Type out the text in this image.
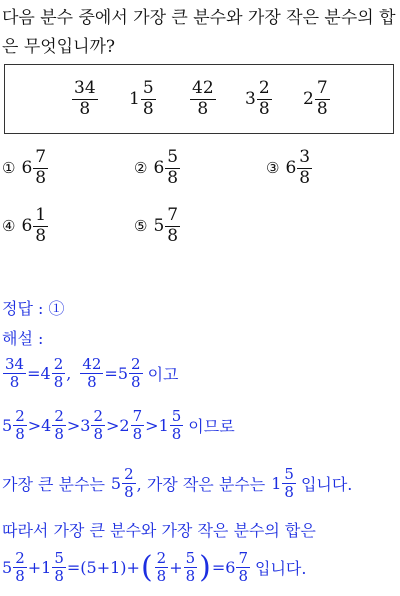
다음 분수 중에서 가장 큰 분수와 가장 작은 분수의 합은 무엇입니까?
$\frac{34}{8} 1 \frac{5}{8} \frac{42}{8} 3 \frac{2}{8} 2 \frac{7}{8}$
① $6 \frac{7}{8}$	② $6 \frac{5}{8}$	③ $6 \frac{3}{8}$
④ $6 \frac{1}{8}$	⑤ $5 \frac{7}{8}$
정답 : ①
해설 :
$\frac{34}{8} = 4 \frac{2}{8}$ , $\frac{42}{8} = 5 \frac{2}{8}$ 이고
$5 \frac{2}{8} > 4 \frac{2}{8} > 3 \frac{2}{8} > 2 \frac{7}{8} > 1 \frac{5}{8}$ 이므로
가장 큰 분수는 $5 \frac{2}{8}$ , 가장 작은 분수는 $1 \frac{5}{8}$ 입니다.
따라서 가장 큰 분수와 가장 작은 분수의 합은
$5 \frac{2}{8} + 1 \frac{5}{8} = (5+1)$ + ( $\frac{2}{8} + \frac{5}{8}$ ) = $6 \frac{7}{8}$ 입니다.
